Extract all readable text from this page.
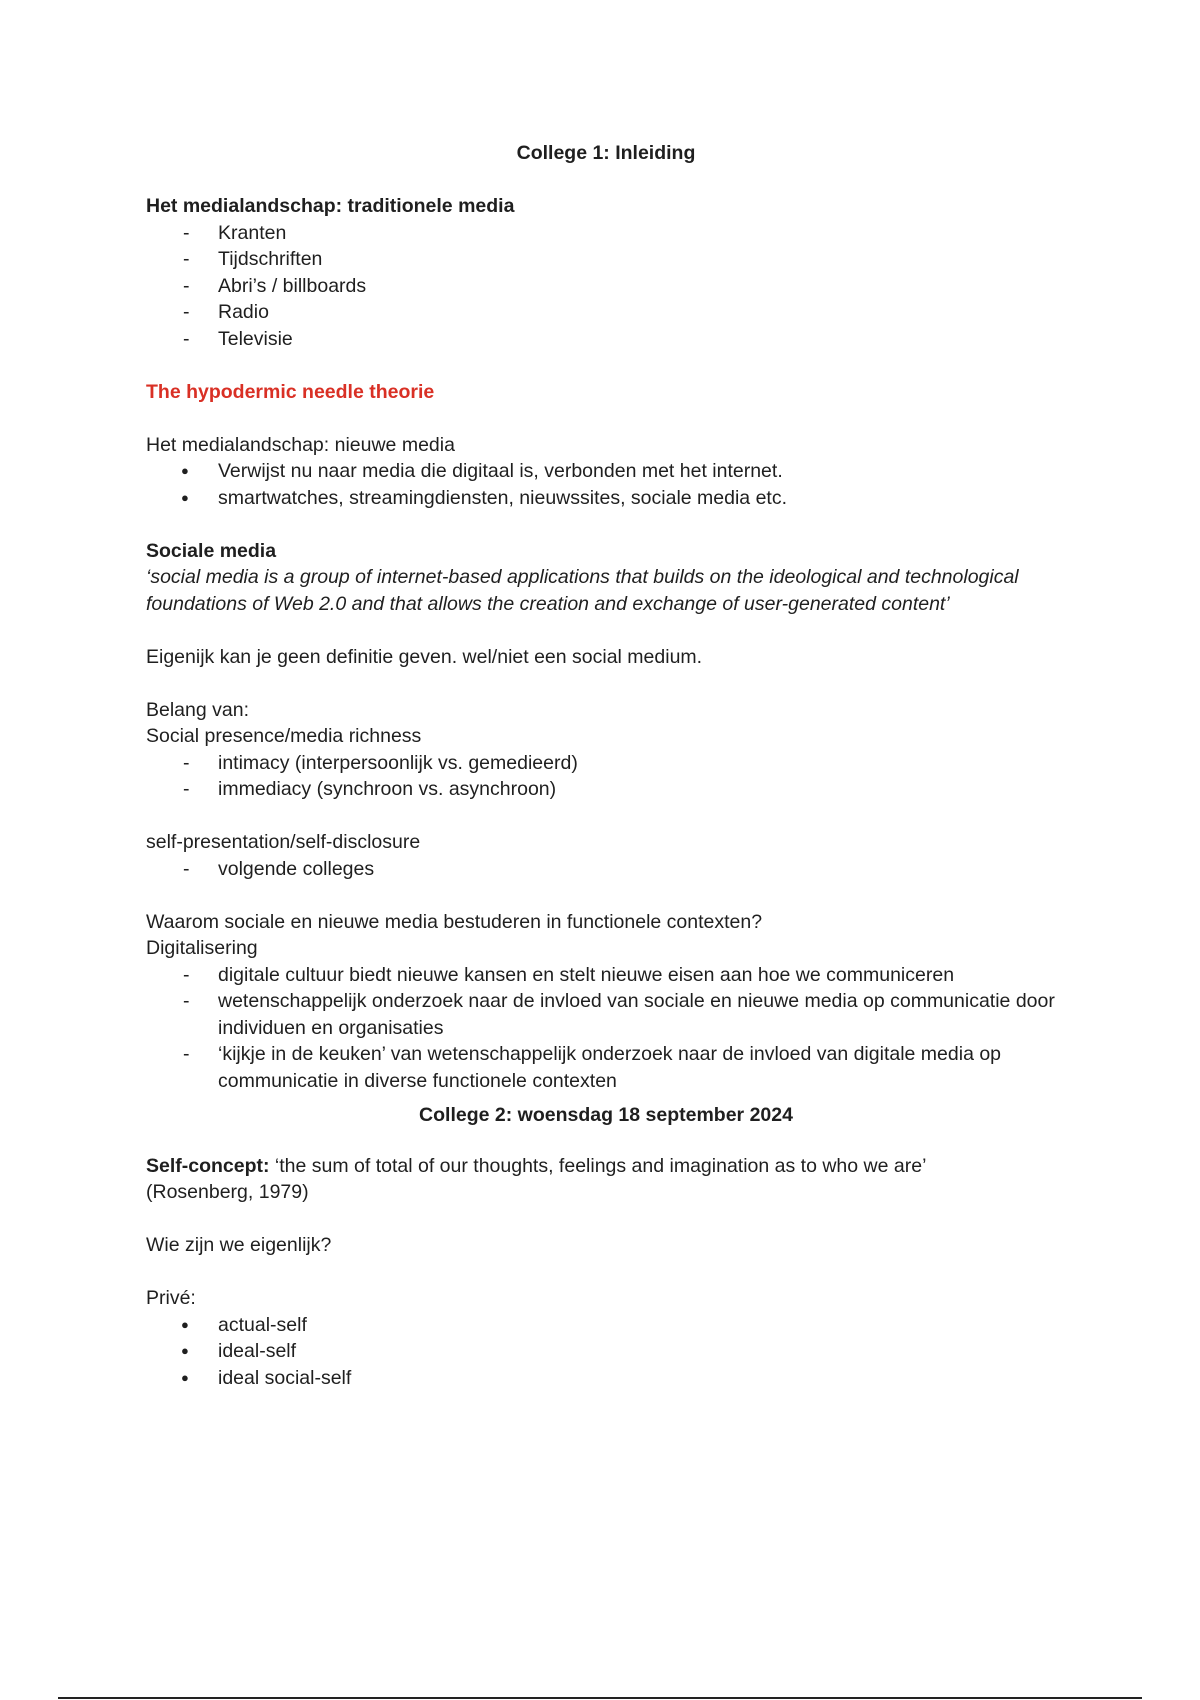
College 1: Inleiding
Het medialandschap: traditionele media
- Kranten
- Tijdschriften
- Abri’s / billboards
- Radio
- Televisie
The hypodermic needle theorie
Het medialandschap: nieuwe media
● Verwijst nu naar media die digitaal is, verbonden met het internet.
● smartwatches, streamingdiensten, nieuwssites, sociale media etc.
Sociale media
‘social media is a group of internet-based applications that builds on the ideological and technological
foundations of Web 2.0 and that allows the creation and exchange of user-generated content’
Eigenijk kan je geen definitie geven. wel/niet een social medium.
Belang van:
Social presence/media richness
- intimacy (interpersoonlijk vs. gemedieerd)
- immediacy (synchroon vs. asynchroon)
self-presentation/self-disclosure
- volgende colleges
Waarom sociale en nieuwe media bestuderen in functionele contexten?
Digitalisering
- digitale cultuur biedt nieuwe kansen en stelt nieuwe eisen aan hoe we communiceren
- wetenschappelijk onderzoek naar de invloed van sociale en nieuwe media op communicatie door individuen en organisaties
- ‘kijkje in de keuken’ van wetenschappelijk onderzoek naar de invloed van digitale media op communicatie in diverse functionele contexten
College 2: woensdag 18 september 2024
Self-concept: ‘the sum of total of our thoughts, feelings and imagination as to who we are’
(Rosenberg, 1979)
Wie zijn we eigenlijk?
Privé:
● actual-self
● ideal-self
● ideal social-self
